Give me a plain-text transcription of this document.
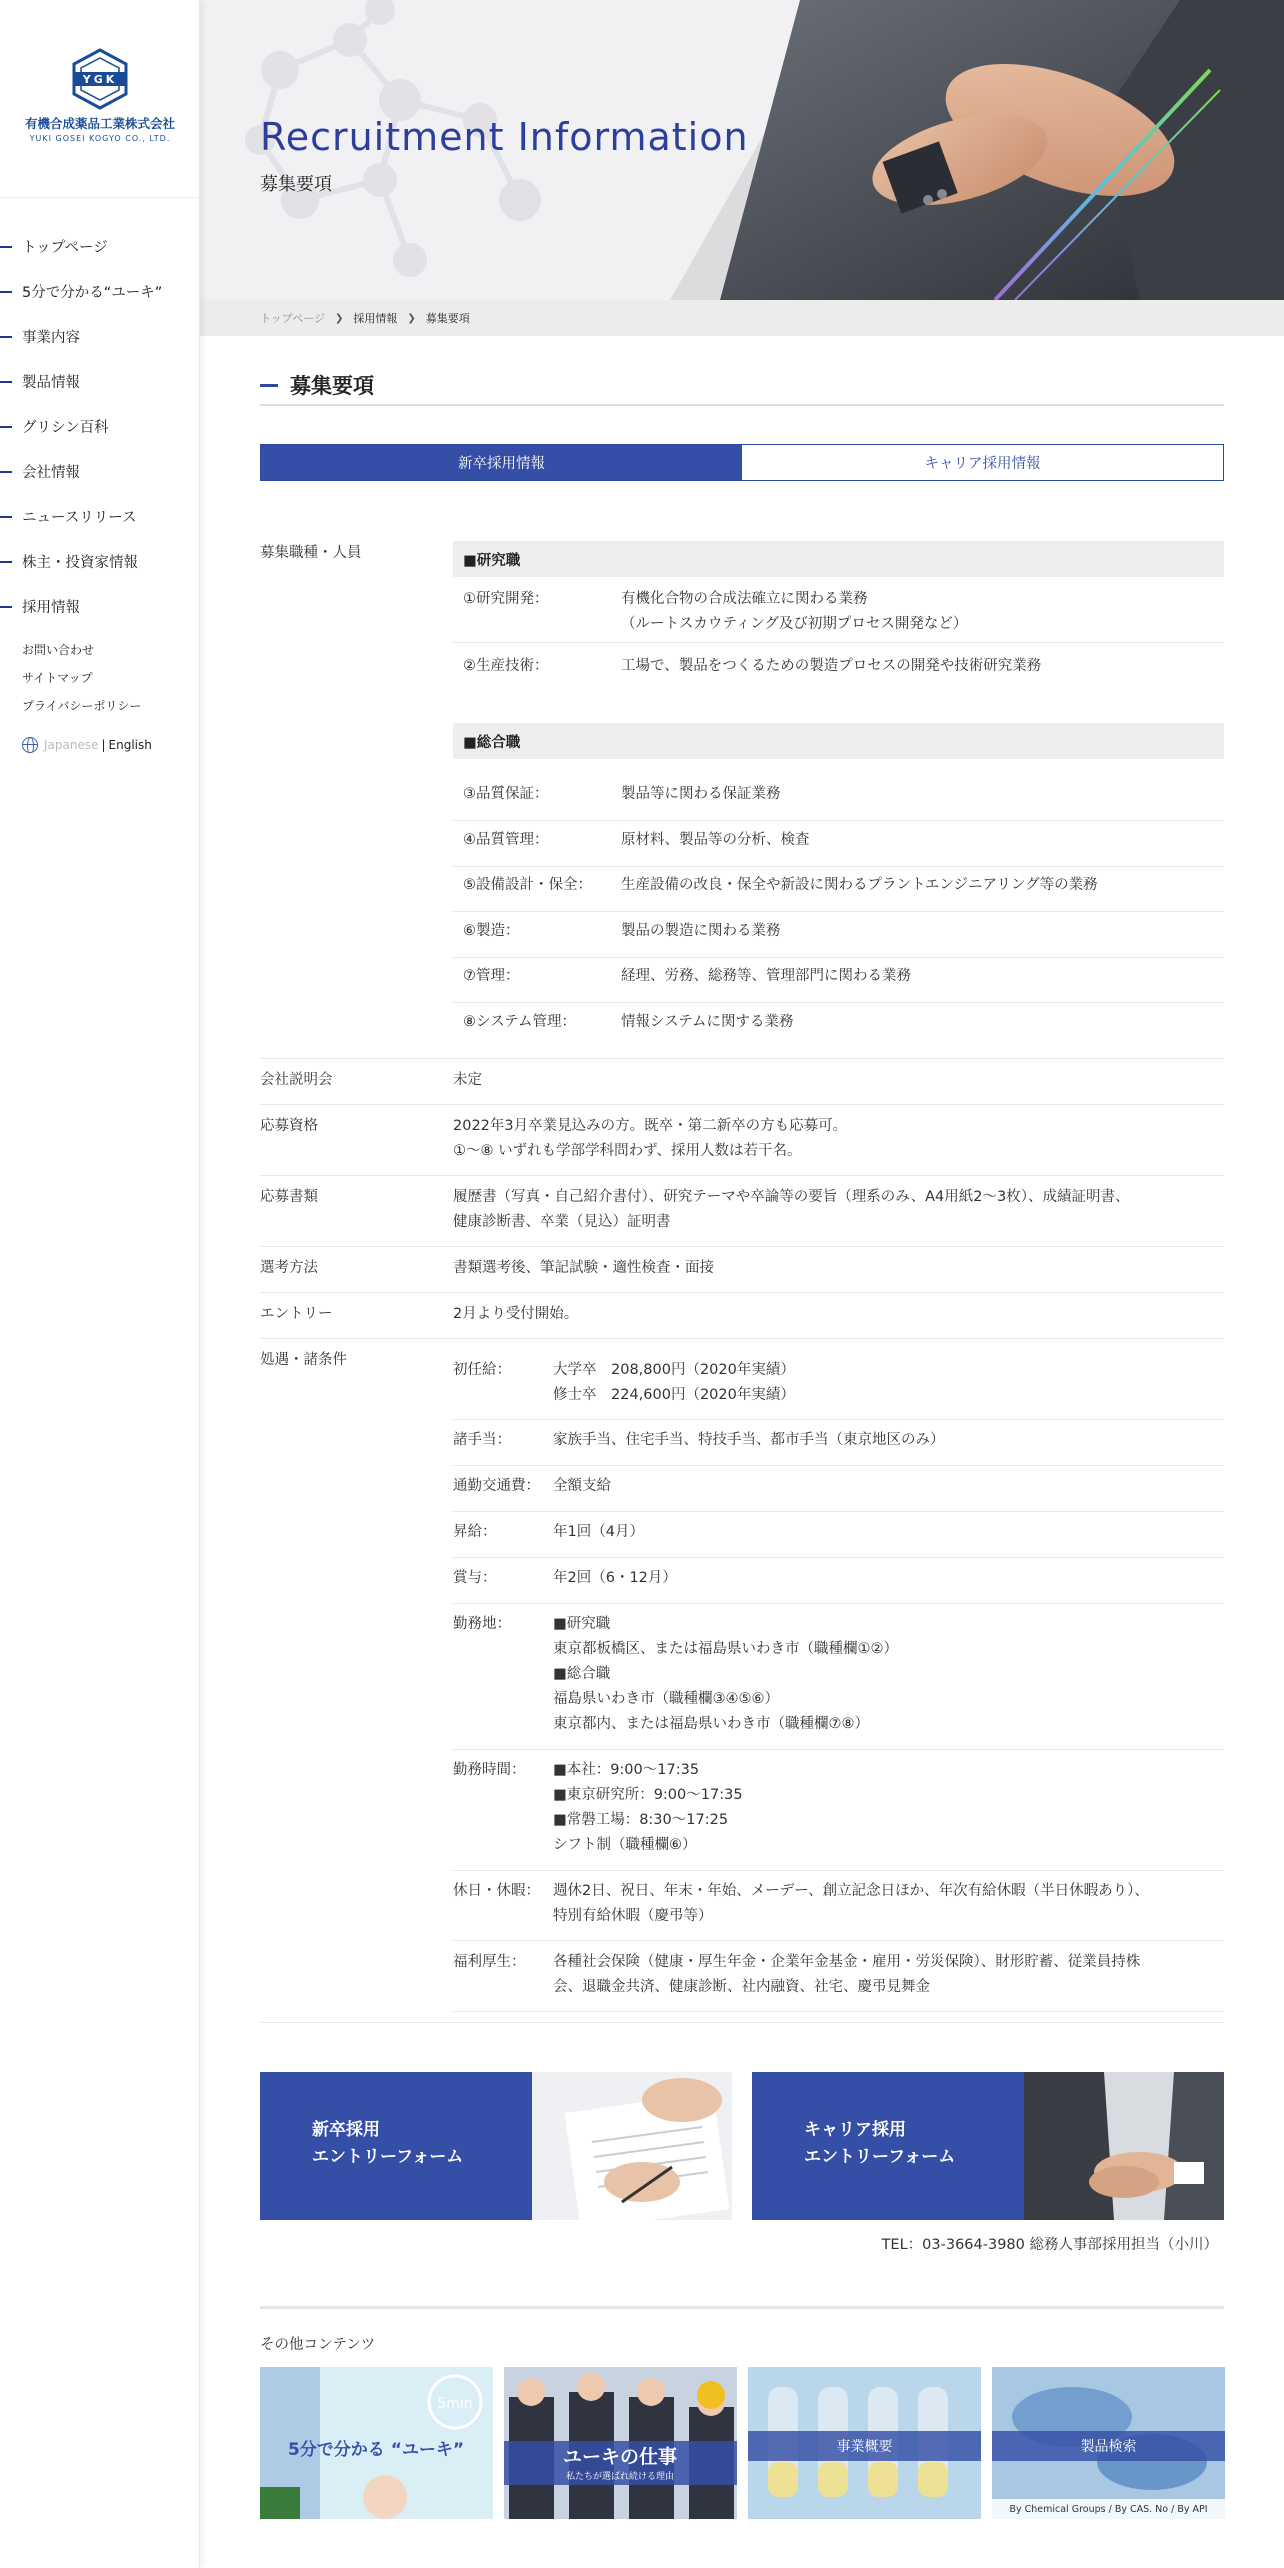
YGK
有機合成薬品工業株式会社
YUKI GOSEI KOGYO CO., LTD.
トップページ
5分で分かる“ユーキ”
事業内容
製品情報
グリシン百科
会社情報
ニュースリリース
株主・投資家情報
採用情報
お問い合わせ
サイトマップ
プライバシーポリシー
Japanese | English
Recruitment Information
募集要項
トップページ ❯ 採用情報 ❯ 募集要項
募集要項
新卒採用情報	キャリア採用情報
募集職種・人員	■研究職
①研究開発：	有機化合物の合成法確立に関わる業務
（ルートスカウティング及び初期プロセス開発など）
②生産技術：	工場で、製品をつくるための製造プロセスの開発や技術研究業務
■総合職
③品質保証：	製品等に関わる保証業務
④品質管理：	原材料、製品等の分析、検査
⑤設備設計・保全：	生産設備の改良・保全や新設に関わるプラントエンジニアリング等の業務
⑥製造：	製品の製造に関わる業務
⑦管理：	経理、労務、総務等、管理部門に関わる業務
⑧システム管理：	情報システムに関する業務
会社説明会	未定
応募資格	2022年3月卒業見込みの方。既卒・第二新卒の方も応募可。
①～⑧ いずれも学部学科問わず、採用人数は若干名。
応募書類	履歴書（写真・自己紹介書付）、研究テーマや卒論等の要旨（理系のみ、A4用紙2～3枚）、成績証明書、
健康診断書、卒業（見込）証明書
選考方法	書類選考後、筆記試験・適性検査・面接
エントリー	2月より受付開始。
処遇・諸条件
初任給：	大学卒　208,800円（2020年実績）
修士卒　224,600円（2020年実績）
諸手当：	家族手当、住宅手当、特技手当、都市手当（東京地区のみ）
通勤交通費： 全額支給
昇給：	年1回（4月）
賞与：	年2回（6・12月）
勤務地：	■研究職
東京都板橋区、または福島県いわき市（職種欄①②）
■総合職
福島県いわき市（職種欄③④⑤⑥）
東京都内、または福島県いわき市（職種欄⑦⑧）
勤務時間：	■本社：9:00～17:35
■東京研究所：9:00～17:35
■常磐工場：8:30～17:25
シフト制（職種欄⑥）
休日・休暇： 週休2日、祝日、年末・年始、メーデー、創立記念日ほか、年次有給休暇（半日休暇あり）、
特別有給休暇（慶弔等）
福利厚生：	各種社会保険（健康・厚生年金・企業年金基金・雇用・労災保険）、財形貯蓄、従業員持株
会、退職金共済、健康診断、社内融資、社宅、慶弔見舞金
新卒採用
エントリーフォーム
キャリア採用
エントリーフォーム
TEL：03-3664-3980 総務人事部採用担当（小川）
その他コンテンツ
5min
5分で分かる “ユーキ”	ユーキの仕事
私たちが選ばれ続ける理由
事業概要	製品検索
By Chemical Groups / By CAS. No / By API
